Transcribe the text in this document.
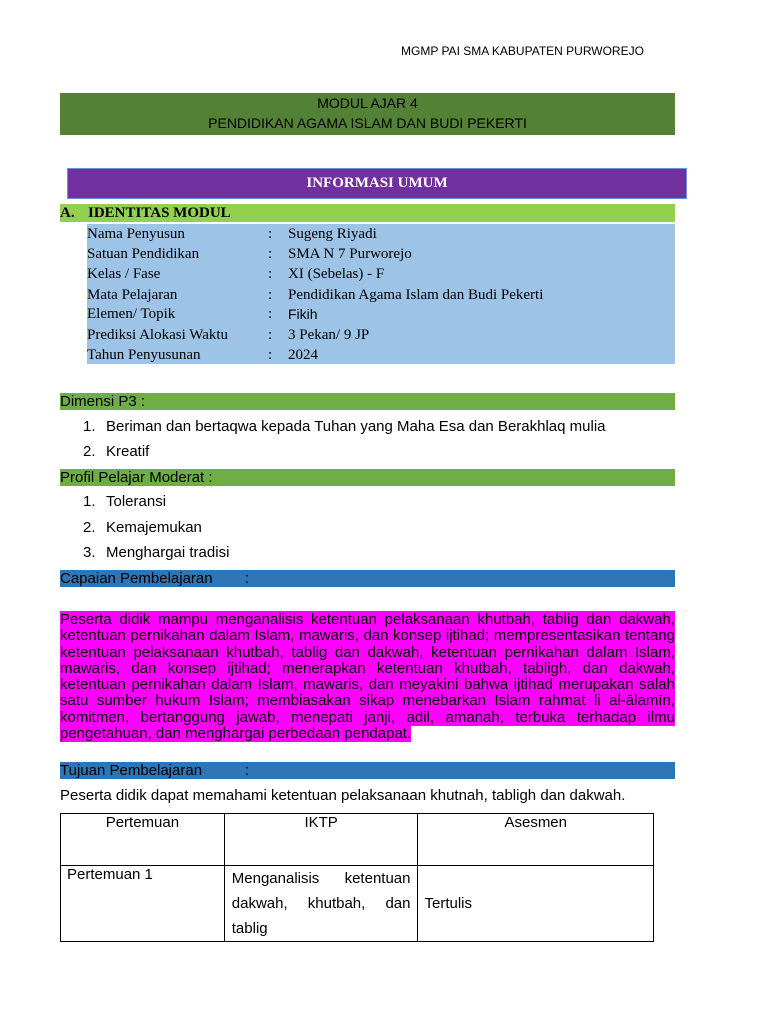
MGMP PAI SMA KABUPATEN PURWOREJO
MODUL AJAR 4
PENDIDIKAN AGAMA ISLAM DAN BUDI PEKERTI
INFORMASI UMUM
A. IDENTITAS MODUL
Nama Penyusun	: Sugeng Riyadi
Satuan Pendidikan	: SMA N 7 Purworejo
Kelas / Fase	: XI (Sebelas) - F
Mata Pelajaran	: Pendidikan Agama Islam dan Budi Pekerti
Elemen/ Topik	: Fikih
Prediksi Alokasi Waktu	: 3 Pekan/ 9 JP
Tahun Penyusunan	: 2024
Dimensi P3 :
1. Beriman dan bertaqwa kepada Tuhan yang Maha Esa dan Berakhlaq mulia
2. Kreatif
Profil Pelajar Moderat :
1. Toleransi
2. Kemajemukan
3. Menghargai tradisi
Capaian Pembelajaran :
Peserta didik mampu menganalisis ketentuan pelaksanaan khutbah, tablig dan dakwah, ketentuan pernikahan dalam Islam, mawaris, dan konsep ijtihad; mempresentasikan tentang ketentuan pelaksanaan khutbah, tablig dan dakwah, ketentuan pernikahan dalam Islam, mawaris, dan konsep ijtihad; menerapkan ketentuan khutbah, tabligh, dan dakwah, ketentuan pernikahan dalam Islam, mawaris, dan meyakini bahwa ijtihad merupakan salah satu sumber hukum Islam; membiasakan sikap menebarkan Islam rahmat li al-ālamīn, komitmen, bertanggung jawab, menepati janji, adil, amanah, terbuka terhadap ilmu pengetahuan, dan menghargai perbedaan pendapat.
Tujuan Pembelajaran	:
Peserta didik dapat memahami ketentuan pelaksanaan khutnah, tabligh dan dakwah.
Pertemuan	IKTP	Asesmen
Pertemuan 1	Menganalisis ketentuan dakwah, khutbah, dan tablig	Tertulis
